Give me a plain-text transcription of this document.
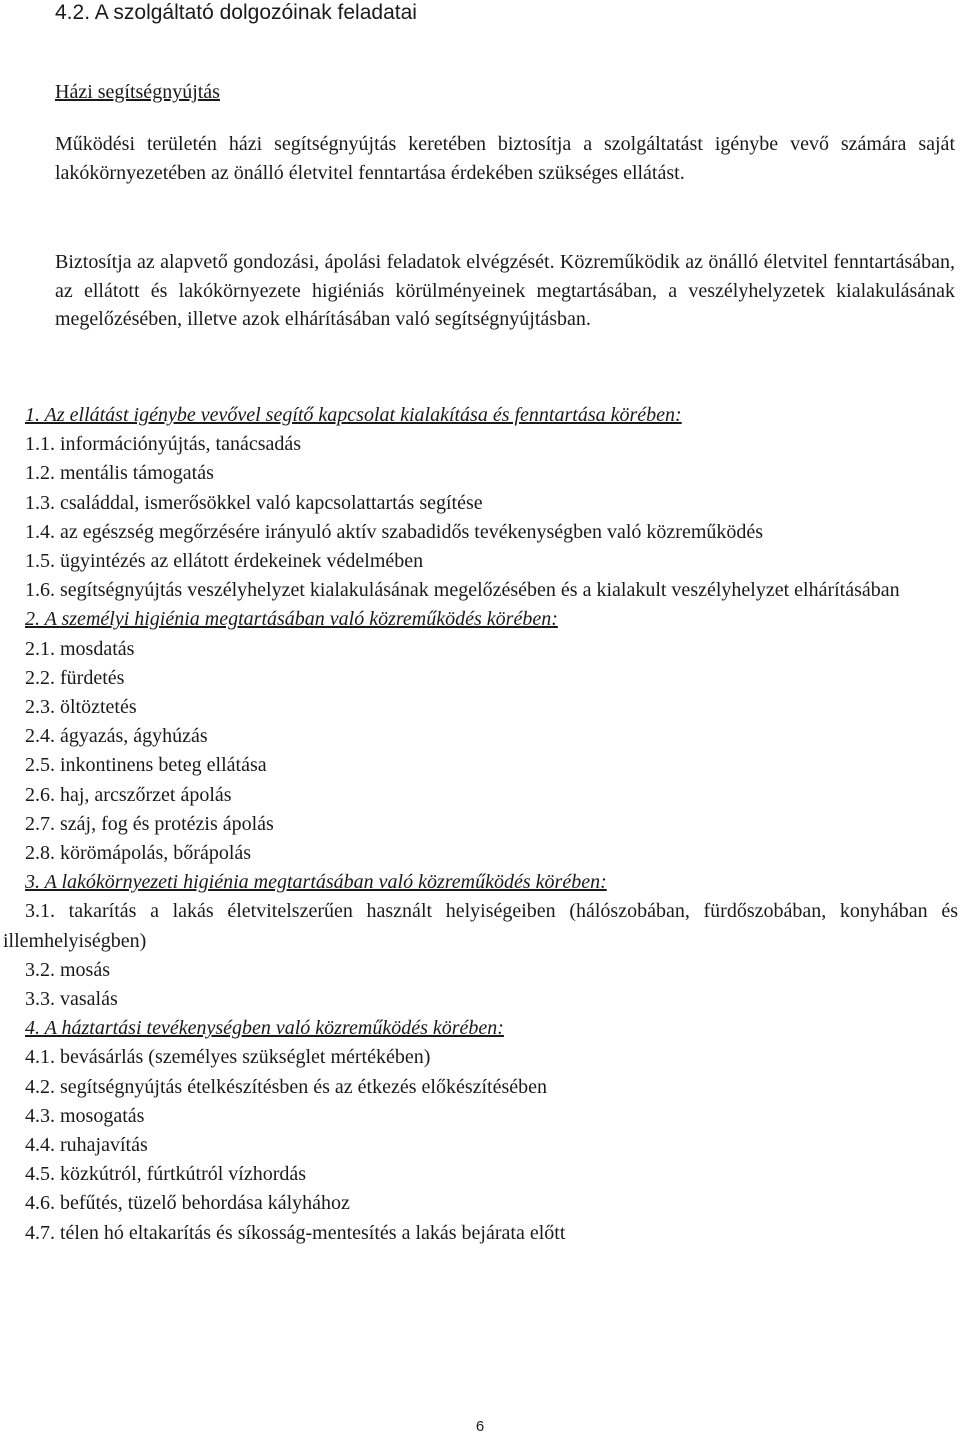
4.2. A szolgáltató dolgozóinak feladatai
Házi segítségnyújtás

Működési területén házi segítségnyújtás keretében biztosítja a szolgáltatást igénybe vevő számára saját lakókörnyezetében az önálló életvitel fenntartása érdekében szükséges ellátást.

Biztosítja az alapvető gondozási, ápolási feladatok elvégzését. Közreműködik az önálló életvitel fenntartásában, az ellátott és lakókörnyezete higiéniás körülményeinek megtartásában, a veszélyhelyzetek kialakulásának megelőzésében, illetve azok elhárításában való segítségnyújtásban.

1. Az ellátást igénybe vevővel segítő kapcsolat kialakítása és fenntartása körében:
1.1. információnyújtás, tanácsadás
1.2. mentális támogatás
1.3. családdal, ismerősökkel való kapcsolattartás segítése
1.4. az egészség megőrzésére irányuló aktív szabadidős tevékenységben való közreműködés
1.5. ügyintézés az ellátott érdekeinek védelmében
1.6. segítségnyújtás veszélyhelyzet kialakulásának megelőzésében és a kialakult veszélyhelyzet elhárításában
2. A személyi higiénia megtartásában való közreműködés körében:
2.1. mosdatás
2.2. fürdetés
2.3. öltöztetés
2.4. ágyazás, ágyhúzás
2.5. inkontinens beteg ellátása
2.6. haj, arcszőrzet ápolás
2.7. száj, fog és protézis ápolás
2.8. körömápolás, bőrápolás
3. A lakókörnyezeti higiénia megtartásában való közreműködés körében:
3.1. takarítás a lakás életvitelszerűen használt helyiségeiben (hálószobában, fürdőszobában, konyhában és illemhelyiségben)
3.2. mosás
3.3. vasalás
4. A háztartási tevékenységben való közreműködés körében:
4.1. bevásárlás (személyes szükséglet mértékében)
4.2. segítségnyújtás ételkészítésben és az étkezés előkészítésében
4.3. mosogatás
4.4. ruhajavítás
4.5. közkútról, fúrtkútról vízhordás
4.6. befűtés, tüzelő behordása kályhához
4.7. télen hó eltakarítás és síkosság-mentesítés a lakás bejárata előtt
6
